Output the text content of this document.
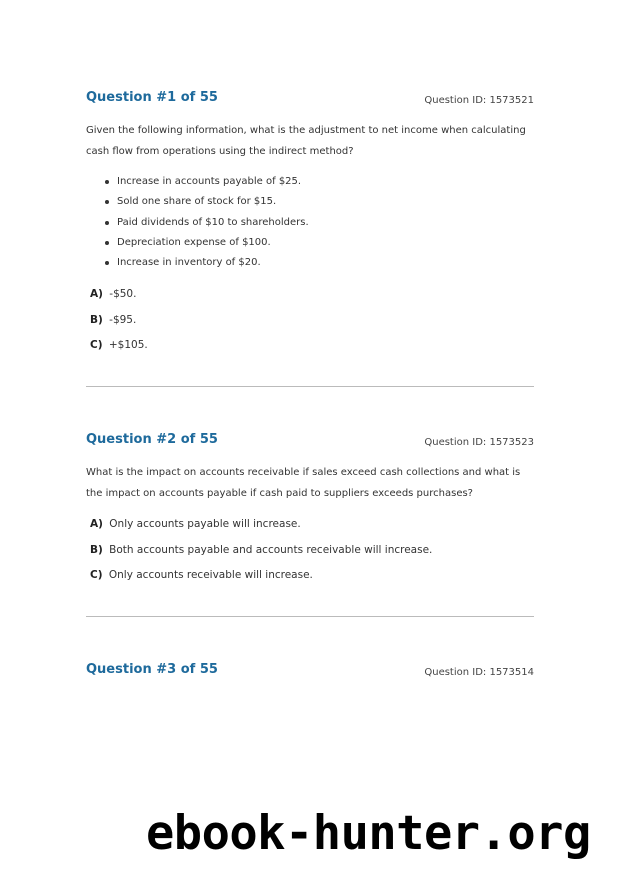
Question #1 of 55	Question ID: 1573521

Given the following information, what is the adjustment to net income when calculating cash flow from operations using the indirect method?

Increase in accounts payable of $25.
Sold one share of stock for $15.
Paid dividends of $10 to shareholders.
Depreciation expense of $100.
Increase in inventory of $20.
A) -$50.
B) -$95.
C) +$105.
Question #2 of 55	Question ID: 1573523

What is the impact on accounts receivable if sales exceed cash collections and what is the impact on accounts payable if cash paid to suppliers exceeds purchases?

A) Only accounts payable will increase.
B) Both accounts payable and accounts receivable will increase.
C) Only accounts receivable will increase.
Question #3 of 55	Question ID: 1573514
ebook-hunter.org
